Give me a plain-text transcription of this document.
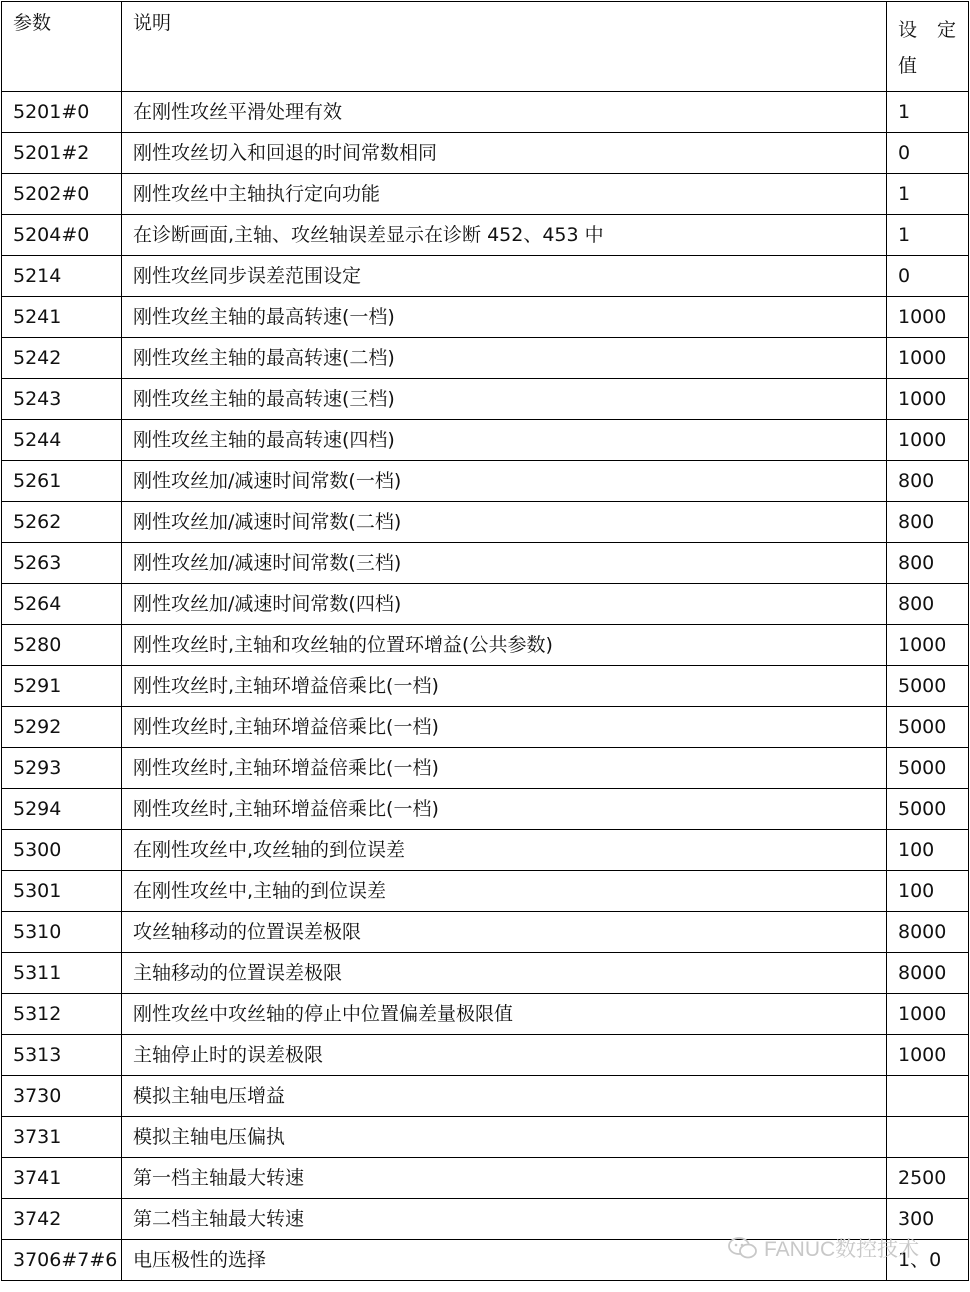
参数	说明	设 定
值

5201#0	在刚性攻丝平滑处理有效	1
5201#2	刚性攻丝切入和回退的时间常数相同	0
5202#0	刚性攻丝中主轴执行定向功能	1
5204#0	在诊断画面,主轴、攻丝轴误差显示在诊断 452、453 中	1
5214	刚性攻丝同步误差范围设定	0
5241	刚性攻丝主轴的最高转速(一档)	1000
5242	刚性攻丝主轴的最高转速(二档)	1000
5243	刚性攻丝主轴的最高转速(三档)	1000
5244	刚性攻丝主轴的最高转速(四档)	1000
5261	刚性攻丝加/减速时间常数(一档)	800
5262	刚性攻丝加/减速时间常数(二档)	800
5263	刚性攻丝加/减速时间常数(三档)	800
5264	刚性攻丝加/减速时间常数(四档)	800
5280	刚性攻丝时,主轴和攻丝轴的位置环增益(公共参数)	1000
5291	刚性攻丝时,主轴环增益倍乘比(一档)	5000
5292	刚性攻丝时,主轴环增益倍乘比(一档)	5000
5293	刚性攻丝时,主轴环增益倍乘比(一档)	5000
5294	刚性攻丝时,主轴环增益倍乘比(一档)	5000
5300	在刚性攻丝中,攻丝轴的到位误差	100
5301	在刚性攻丝中,主轴的到位误差	100
5310	攻丝轴移动的位置误差极限	8000
5311	主轴移动的位置误差极限	8000
5312	刚性攻丝中攻丝轴的停止中位置偏差量极限值	1000
5313	主轴停止时的误差极限	1000
3730	模拟主轴电压增益	
3731	模拟主轴电压偏执	
3741	第一档主轴最大转速	2500
3742	第二档主轴最大转速	300
3706#7#6	电压极性的选择	1、0
FANUC数控技术
